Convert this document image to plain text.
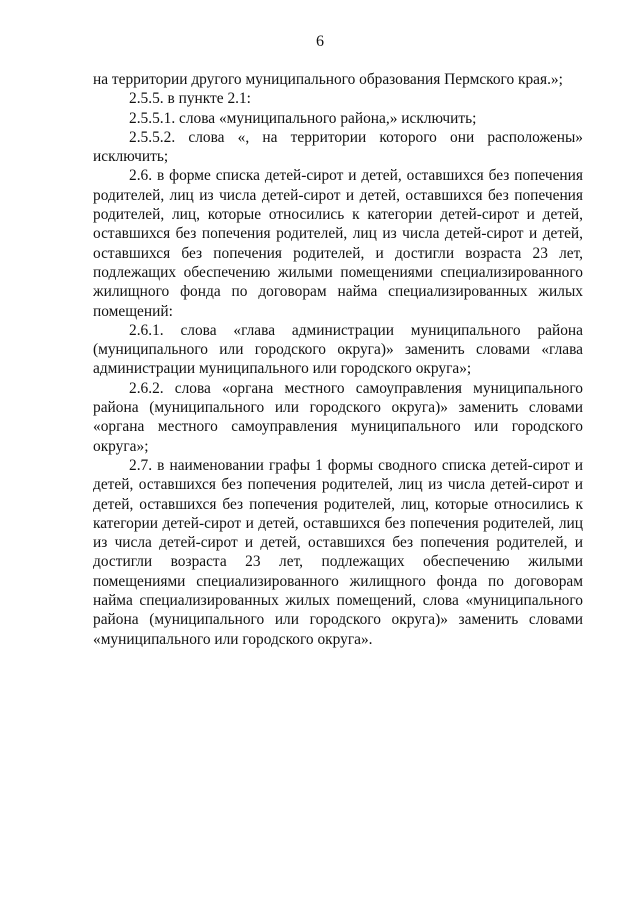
6

на территории другого муниципального образования Пермского края.»;

2.5.5. в пункте 2.1:

2.5.5.1. слова «муниципального района,» исключить;

2.5.5.2. слова «, на территории которого они расположены» исключить;

2.6. в форме списка детей-сирот и детей, оставшихся без попечения родителей, лиц из числа детей-сирот и детей, оставшихся без попечения родителей, лиц, которые относились к категории детей-сирот и детей, оставшихся без попечения родителей, лиц из числа детей-сирот и детей, оставшихся без попечения родителей, и достигли возраста 23 лет, подлежащих обеспечению жилыми помещениями специализированного жилищного фонда по договорам найма специализированных жилых помещений:

2.6.1. слова «глава администрации муниципального района (муниципального или городского округа)» заменить словами «глава администрации муниципального или городского округа»;

2.6.2. слова «органа местного самоуправления муниципального района (муниципального или городского округа)» заменить словами «органа местного самоуправления муниципального или городского округа»;

2.7. в наименовании графы 1 формы сводного списка детей-сирот и детей, оставшихся без попечения родителей, лиц из числа детей-сирот и детей, оставшихся без попечения родителей, лиц, которые относились к категории детей-сирот и детей, оставшихся без попечения родителей, лиц из числа детей-сирот и детей, оставшихся без попечения родителей, и достигли возраста 23 лет, подлежащих обеспечению жилыми помещениями специализированного жилищного фонда по договорам найма специализированных жилых помещений, слова «муниципального района (муниципального или городского округа)» заменить словами «муниципального или городского округа».
